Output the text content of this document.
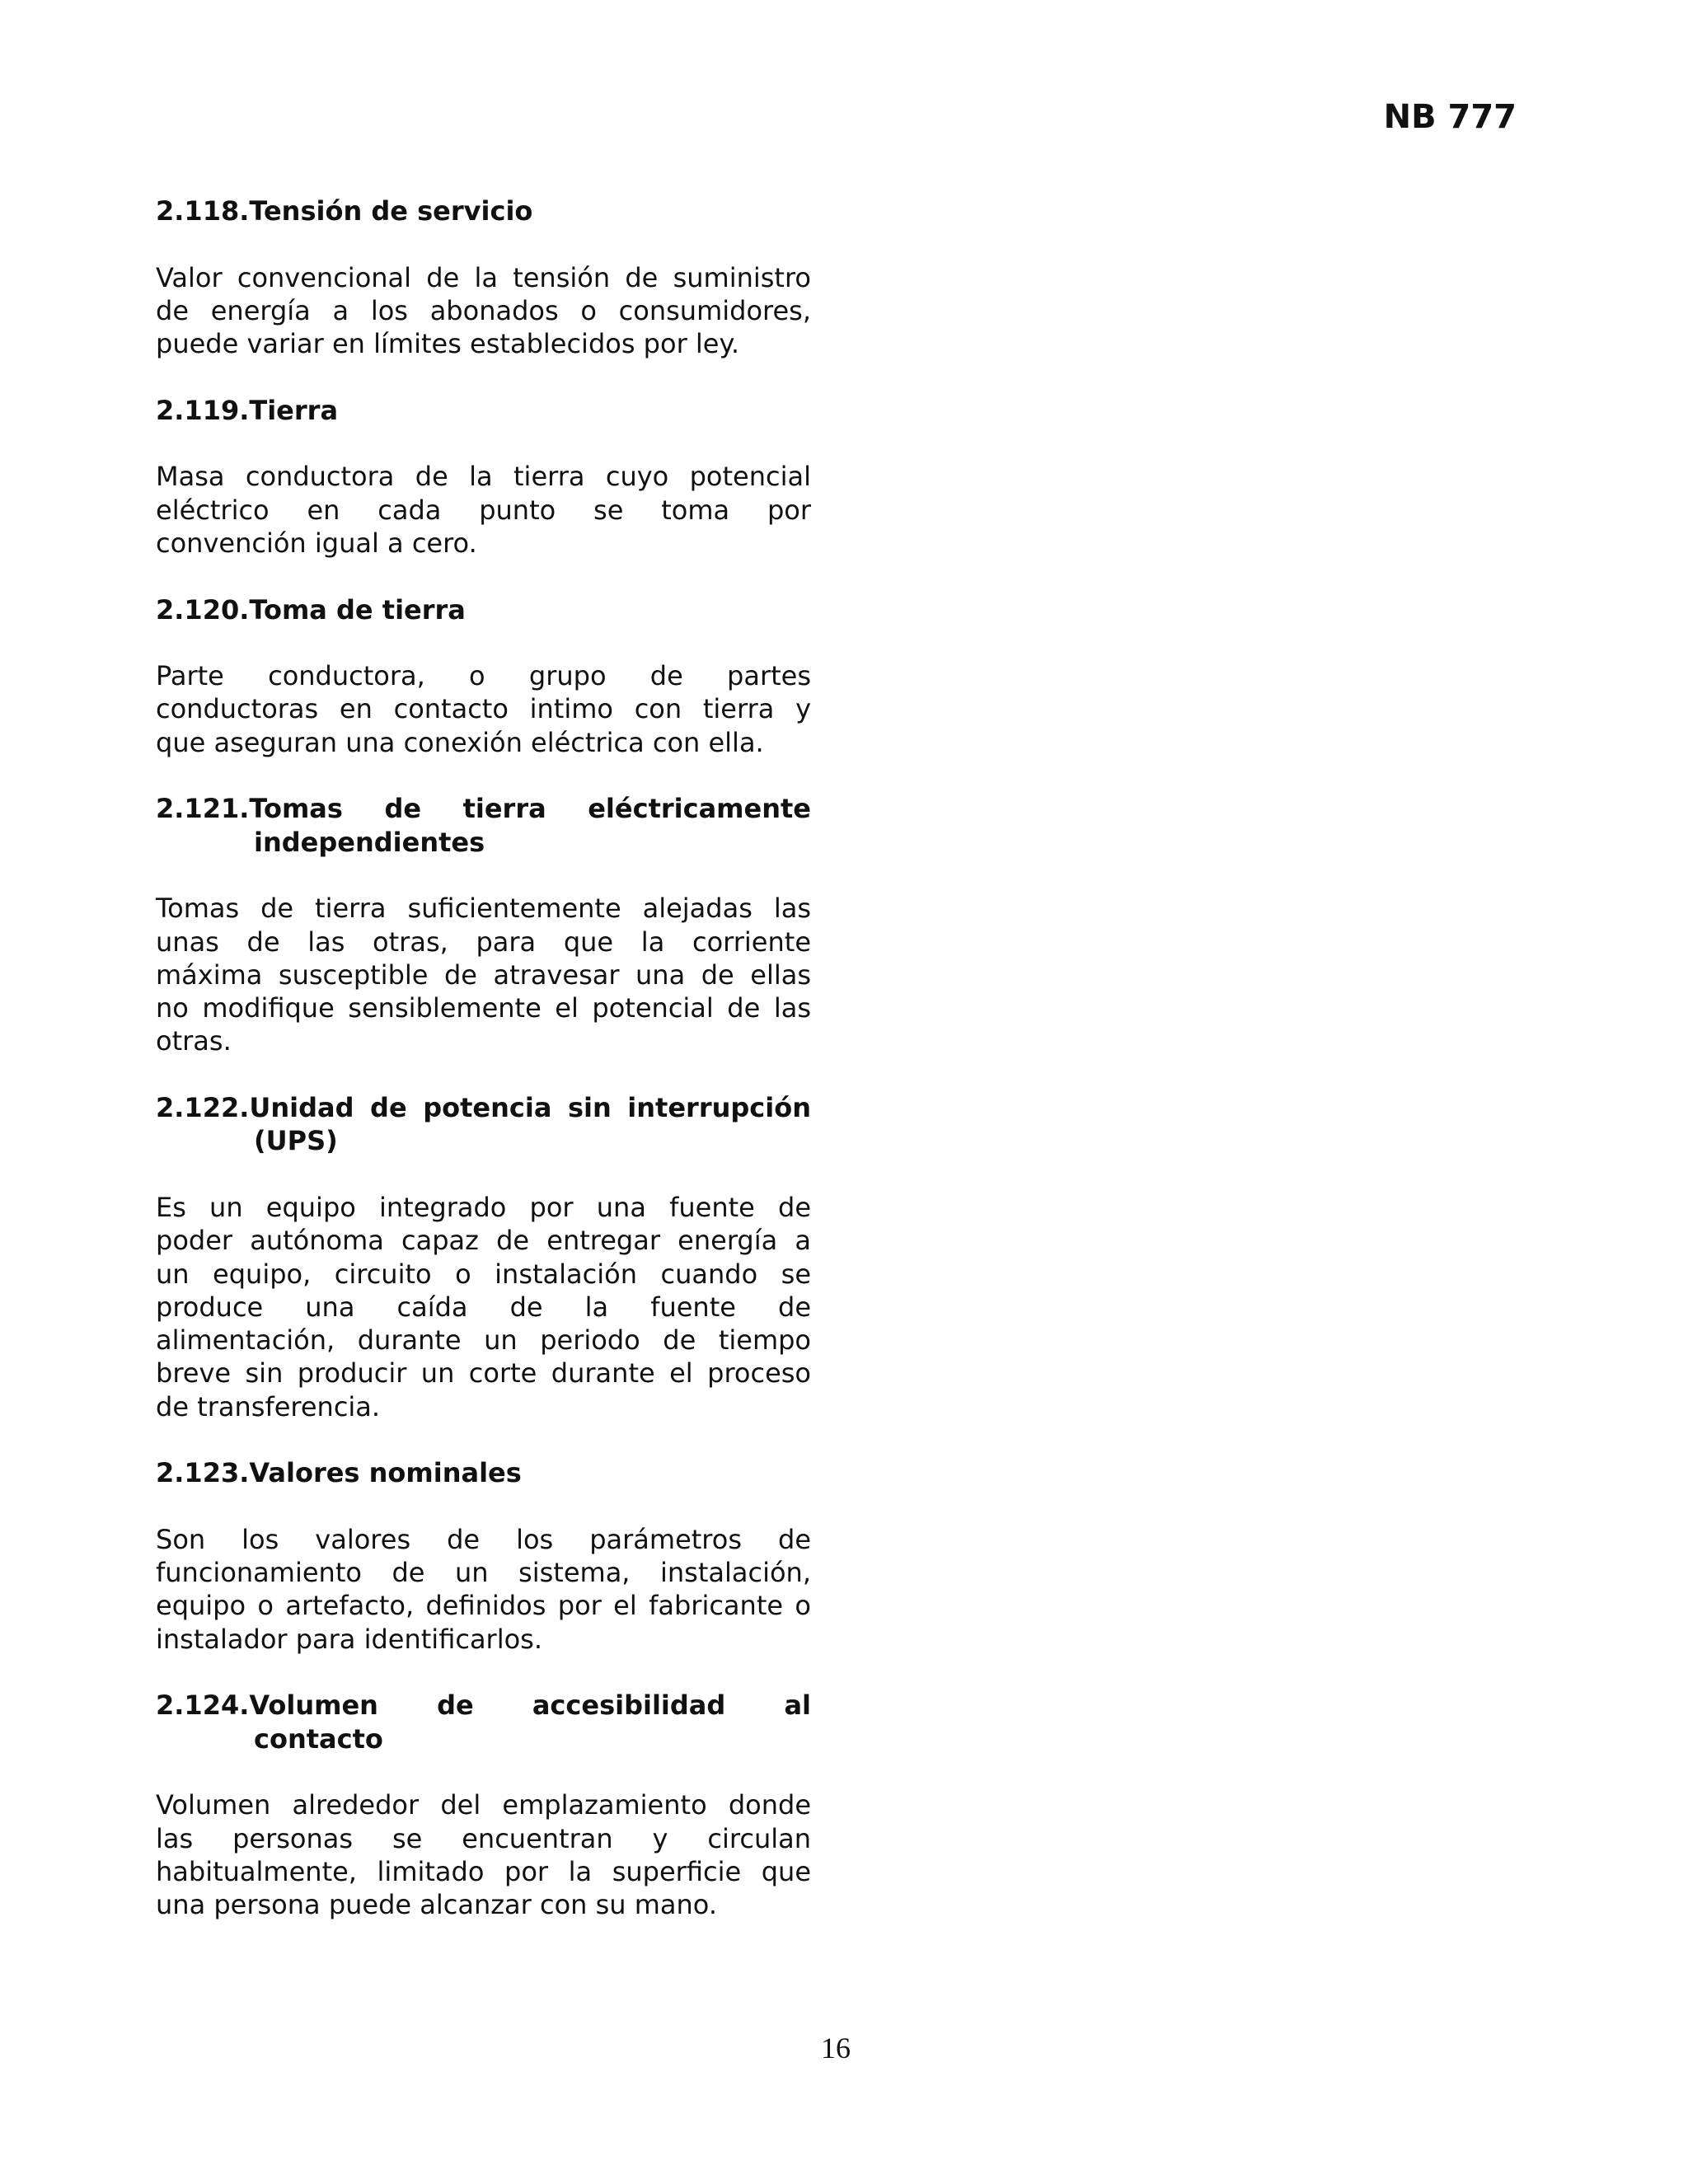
NB 777
2.118.Tensión de servicio
Valor convencional de la tensión de suministro
de energía a los abonados o consumidores,
puede variar en límites establecidos por ley.
2.119.Tierra
Masa conductora de la tierra cuyo potencial
eléctrico en cada punto se toma por
convención igual a cero.
2.120.Toma de tierra
Parte conductora, o grupo de partes
conductoras en contacto intimo con tierra y
que aseguran una conexión eléctrica con ella.
2.121.Tomas de tierra eléctricamente
independientes
Tomas de tierra suficientemente alejadas las
unas de las otras, para que la corriente
máxima susceptible de atravesar una de ellas
no modifique sensiblemente el potencial de las
otras.
2.122.Unidad de potencia sin interrupción
(UPS)
Es un equipo integrado por una fuente de
poder autónoma capaz de entregar energía a
un equipo, circuito o instalación cuando se
produce una caída de la fuente de
alimentación, durante un periodo de tiempo
breve sin producir un corte durante el proceso
de transferencia.
2.123.Valores nominales
Son los valores de los parámetros de
funcionamiento de un sistema, instalación,
equipo o artefacto, definidos por el fabricante o
instalador para identificarlos.
2.124.Volumen de accesibilidad al
contacto
Volumen alrededor del emplazamiento donde
las personas se encuentran y circulan
habitualmente, limitado por la superficie que
una persona puede alcanzar con su mano.
16
